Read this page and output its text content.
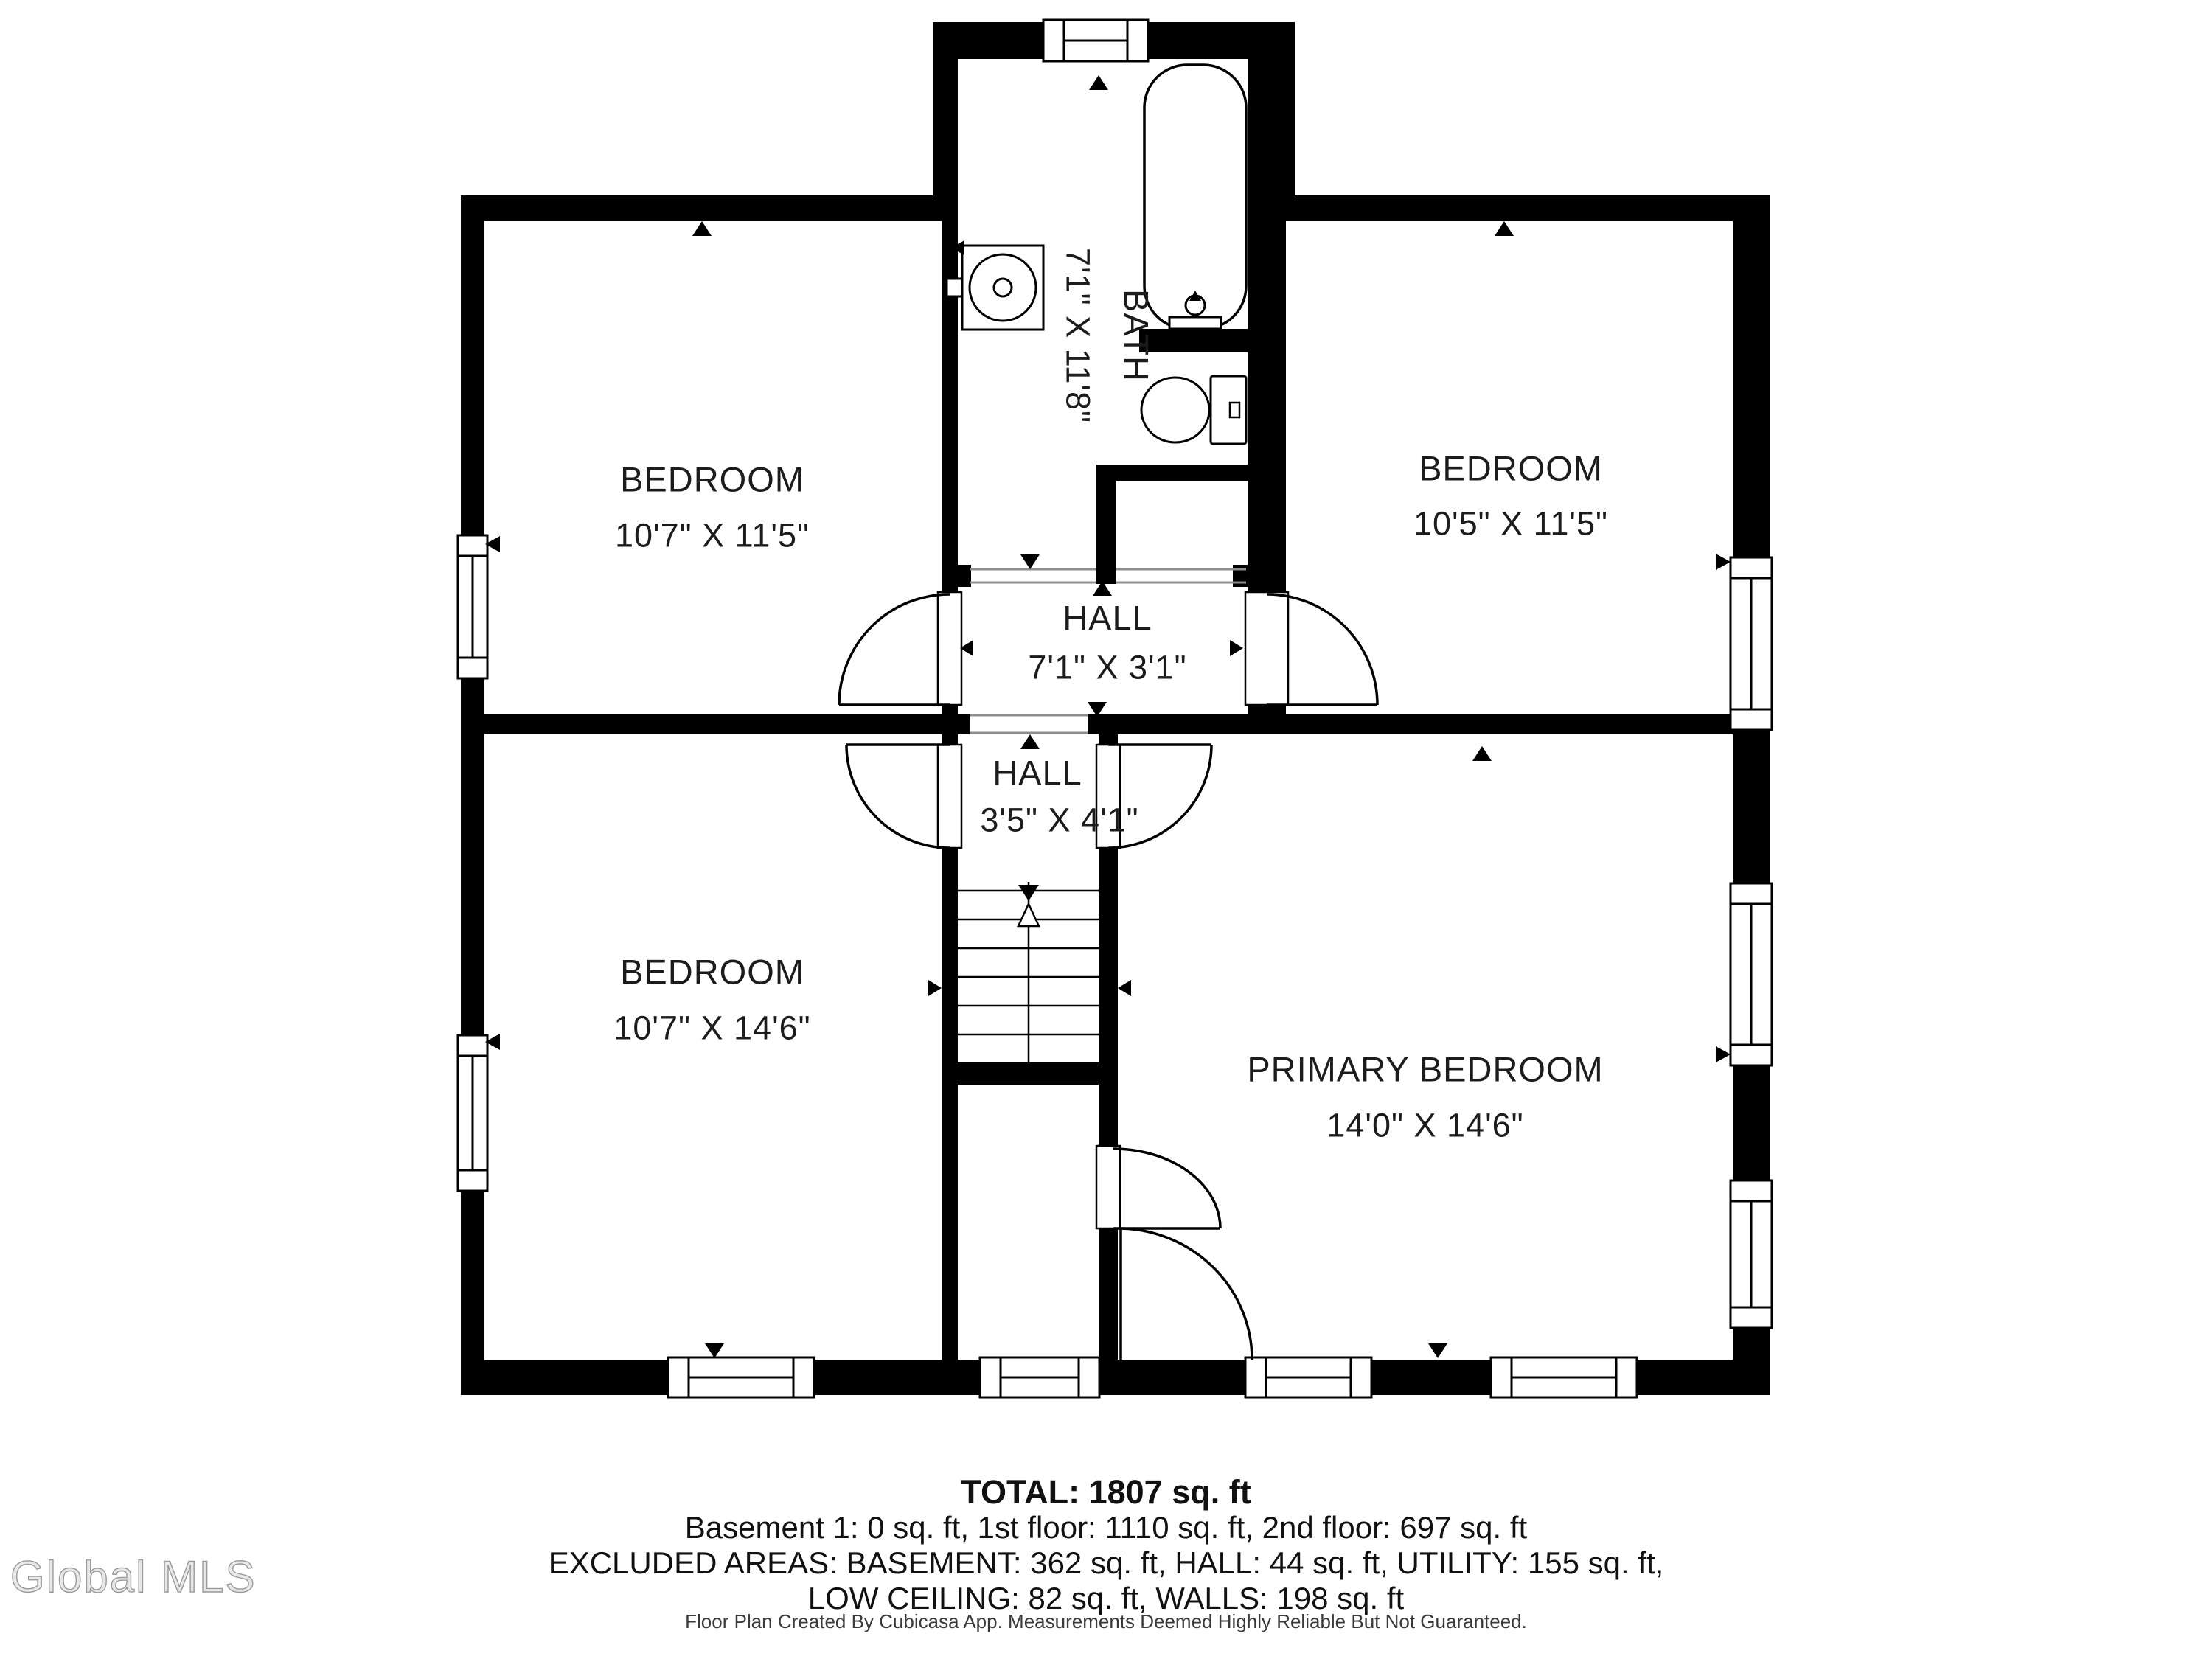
BEDROOM
10'7" X 11'5"
BEDROOM
10'5" X 11'5"
BATH
7'1" X 11'8"
HALL
7'1" X 3'1"
HALL
3'5" X 4'1"
BEDROOM
10'7" X 14'6"
PRIMARY BEDROOM
14'0" X 14'6"
TOTAL: 1807 sq. ft
Basement 1: 0 sq. ft, 1st floor: 1110 sq. ft, 2nd floor: 697 sq. ft
EXCLUDED AREAS: BASEMENT: 362 sq. ft, HALL: 44 sq. ft, UTILITY: 155 sq. ft,
LOW CEILING: 82 sq. ft, WALLS: 198 sq. ft
Floor Plan Created By Cubicasa App. Measurements Deemed Highly Reliable But Not Guaranteed.
Global MLS
